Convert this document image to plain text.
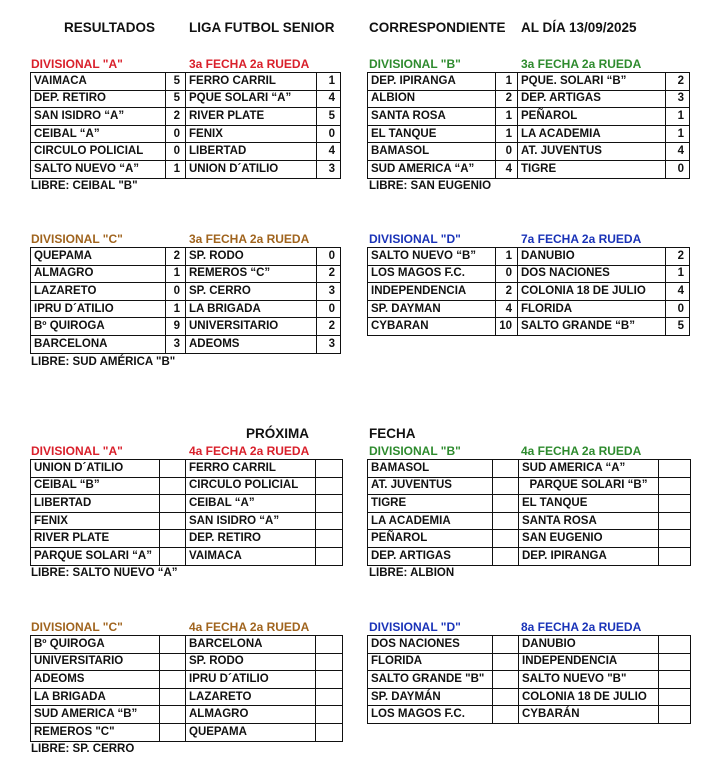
RESULTADOS	LIGA FUTBOL SENIOR	CORRESPONDIENTE AL DÍA 13/09/2025
DIVISIONAL "A"	3a FECHA 2a RUEDA
VAIMACA	5	FERRO CARRIL	1
DEP. RETIRO	5	PQUE SOLARI “A”	4
SAN ISIDRO “A”	2	RIVER PLATE	5
CEIBAL “A”	0	FENIX	0
CIRCULO POLICIAL	0	LIBERTAD	4
SALTO NUEVO “A”	1	UNION D´ATILIO	3
LIBRE: CEIBAL "B"
DIVISIONAL "B"	3a FECHA 2a RUEDA
DEP. IPIRANGA	1	PQUE. SOLARI “B”	2
ALBION	2	DEP. ARTIGAS	3
SANTA ROSA	1	PEÑAROL	1
EL TANQUE	1	LA ACADEMIA	1
BAMASOL	0	AT. JUVENTUS	4
SUD AMERICA “A”	4	TIGRE	0
LIBRE: SAN EUGENIO
DIVISIONAL "C"	3a FECHA 2a RUEDA
QUEPAMA	2	SP. RODO	0
ALMAGRO	1	REMEROS “C”	2
LAZARETO	0	SP. CERRO	3
IPRU D´ATILIO	1	LA BRIGADA	0
Bº QUIROGA	9	UNIVERSITARIO	2
BARCELONA	3	ADEOMS	3
LIBRE: SUD AMÉRICA "B"
DIVISIONAL "D"	7a FECHA 2a RUEDA
SALTO NUEVO “B”	1	DANUBIO	2
LOS MAGOS F.C.	0	DOS NACIONES	1
INDEPENDENCIA	2	COLONIA 18 DE JULIO	4
SP. DAYMAN	4	FLORIDA	0
CYBARAN	10	SALTO GRANDE “B”	5
PRÓXIMA	FECHA
DIVISIONAL "A"	4a FECHA 2a RUEDA
UNION D´ATILIO		FERRO CARRIL	
CEIBAL “B”		CIRCULO POLICIAL	
LIBERTAD		CEIBAL “A”	
FENIX		SAN ISIDRO “A”	
RIVER PLATE		DEP. RETIRO	
PARQUE SOLARI “A”		VAIMACA	
LIBRE: SALTO NUEVO “A”
DIVISIONAL "B"	4a FECHA 2a RUEDA
BAMASOL		SUD AMERICA “A”	
AT. JUVENTUS		PARQUE SOLARI “B”	
TIGRE		EL TANQUE	
LA ACADEMIA		SANTA ROSA	
PEÑAROL		SAN EUGENIO	
DEP. ARTIGAS		DEP. IPIRANGA	
LIBRE: ALBION
DIVISIONAL "C"	4a FECHA 2a RUEDA
Bº QUIROGA		BARCELONA	
UNIVERSITARIO		SP. RODO	
ADEOMS		IPRU D´ATILIO	
LA BRIGADA		LAZARETO	
SUD AMERICA “B”		ALMAGRO	
REMEROS "C"		QUEPAMA	
LIBRE: SP. CERRO
DIVISIONAL "D"	8a FECHA 2a RUEDA
DOS NACIONES		DANUBIO	
FLORIDA		INDEPENDENCIA	
SALTO GRANDE "B"		SALTO NUEVO "B"	
SP. DAYMÁN		COLONIA 18 DE JULIO	
LOS MAGOS F.C.		CYBARÁN	
